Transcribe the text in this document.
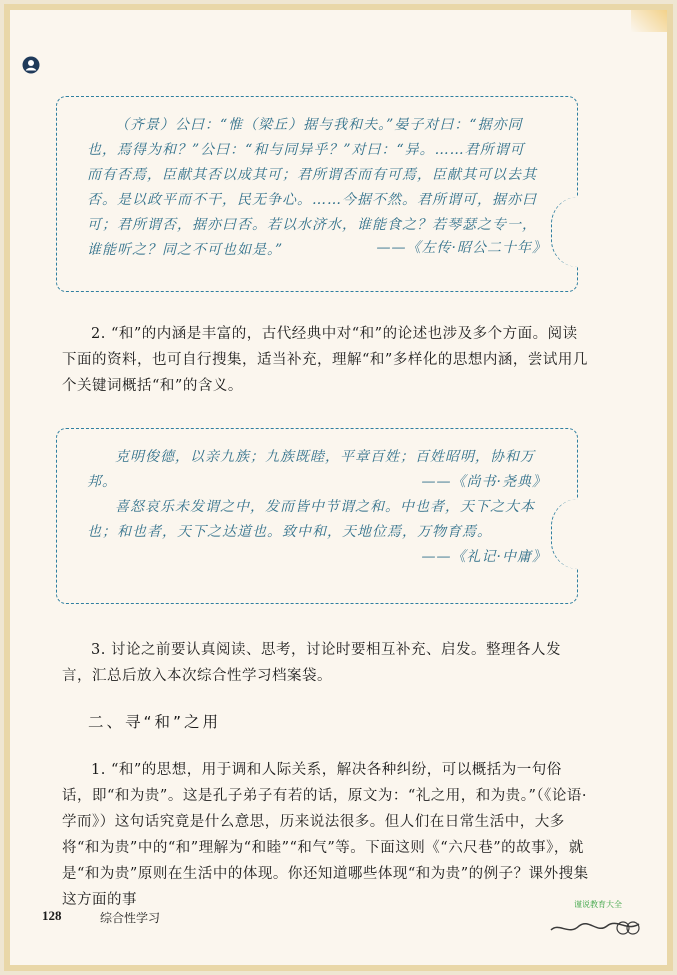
（齐景）公曰：“惟（梁丘）据与我和夫。”晏子对曰：“据亦同也，焉得为和？”公曰：“和与同异乎？”对曰：“异。……君所谓可而有否焉，臣献其否以成其可；君所谓否而有可焉，臣献其可以去其否。是以政平而不干，民无争心。……今据不然。君所谓可，据亦曰可；君所谓否，据亦曰否。若以水济水，谁能食之？若琴瑟之专一，谁能听之？同之不可也如是。”	——《左传·昭公二十年》

2. “和”的内涵是丰富的，古代经典中对“和”的论述也涉及多个方面。阅读下面的资料，也可自行搜集，适当补充，理解“和”多样化的思想内涵，尝试用几个关键词概括“和”的含义。

克明俊德，以亲九族；九族既睦，平章百姓；百姓昭明，协和万邦。	——《尚书·尧典》

喜怒哀乐未发谓之中，发而皆中节谓之和。中也者，天下之大本也；和也者，天下之达道也。致中和，天地位焉，万物育焉。

——《礼记·中庸》

3. 讨论之前要认真阅读、思考，讨论时要相互补充、启发。整理各人发言，汇总后放入本次综合性学习档案袋。

二、寻“和”之用

1. “和”的思想，用于调和人际关系，解决各种纠纷，可以概括为一句俗话，即“和为贵”。这是孔子弟子有若的话，原文为：“礼之用，和为贵。”（《论语·学而》）这句话究竟是什么意思，历来说法很多。但人们在日常生活中，大多将“和为贵”中的“和”理解为“和睦”“和气”等。下面这则《“六尺巷”的故事》，就是“和为贵”原则在生活中的体现。你还知道哪些体现“和为贵”的例子？课外搜集这方面的事

128	综合性学习
谨说教育大全
